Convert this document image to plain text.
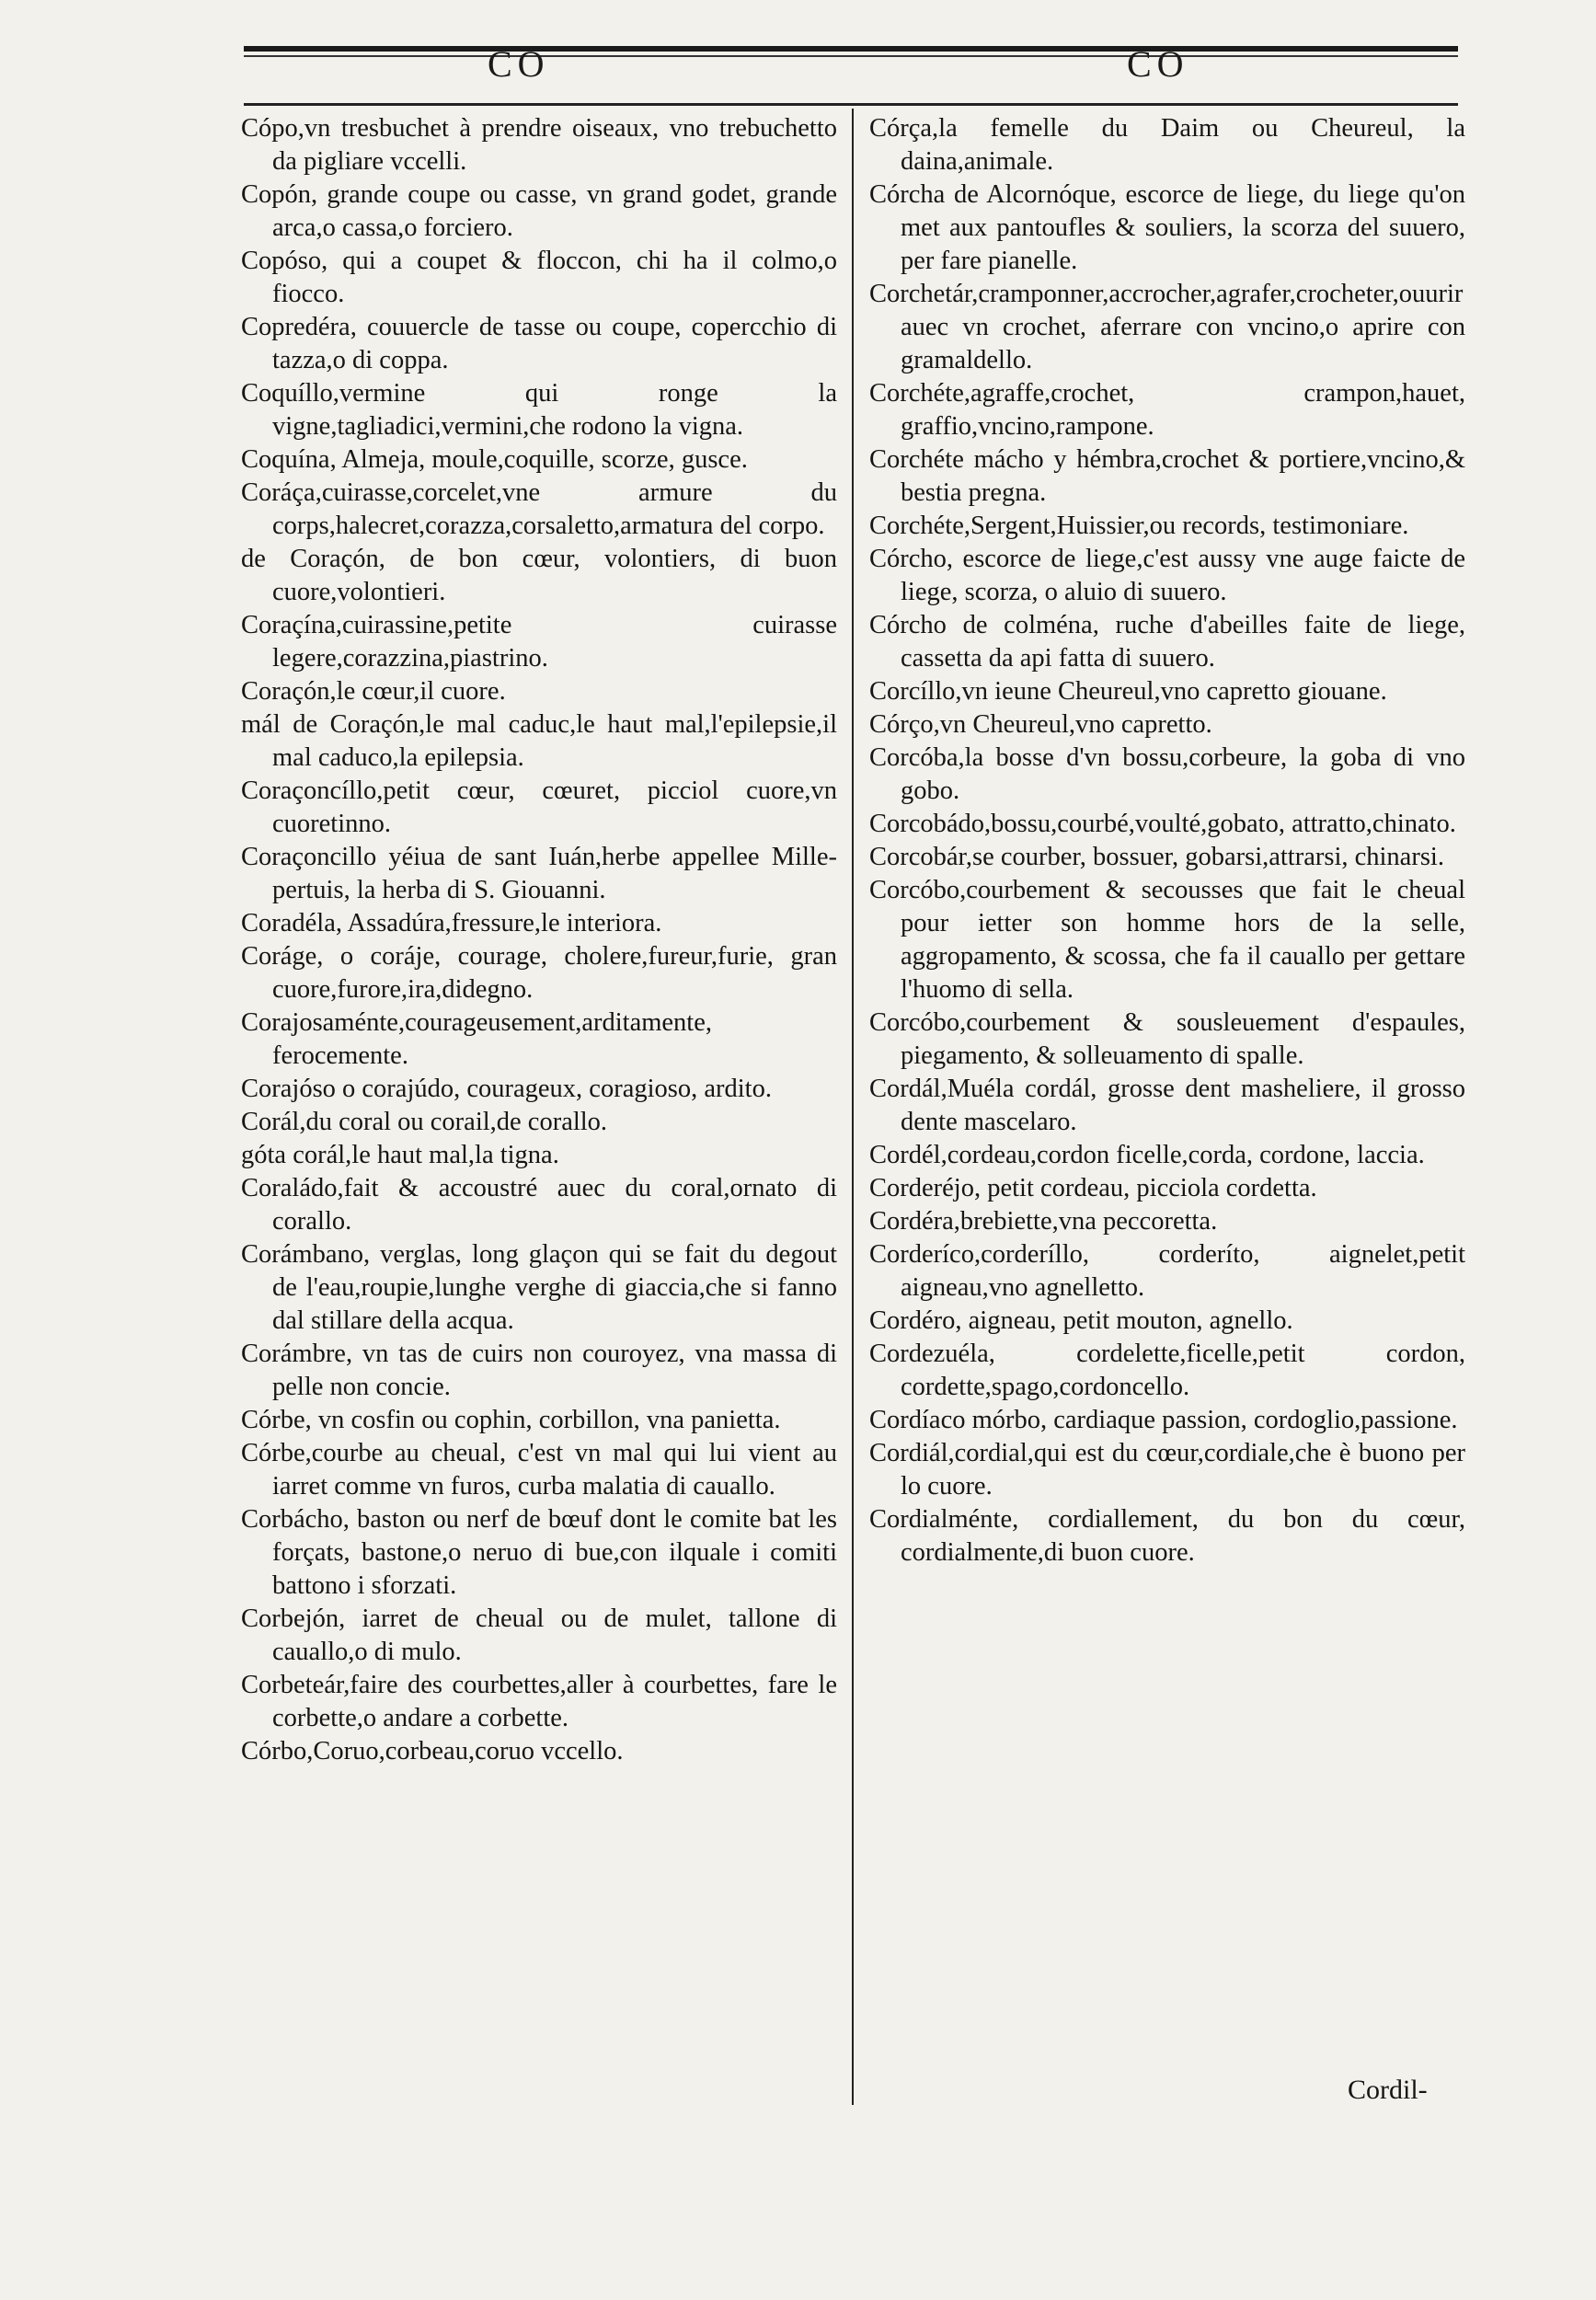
CO	CO

Cópo,vn tresbuchet à prendre oiseaux, vno trebuchetto da pigliare vccelli.

Copón, grande coupe ou casse, vn grand godet, grande arca,o cassa,o forciero.

Copóso, qui a coupet & floccon, chi ha il colmo,o fiocco.

Copredéra, couuercle de tasse ou coupe, copercchio di tazza,o di coppa.

Coquíllo,vermine qui ronge la vigne,tagliadici,vermini,che rodono la vigna.

Coquína, Almeja, moule,coquille, scorze, gusce.

Coráça,cuirasse,corcelet,vne armure du corps,halecret,corazza,corsaletto,armatura del corpo.

de Coraçón, de bon cœur, volontiers, di buon cuore,volontieri.

Coraçína,cuirassine,petite cuirasse legere,corazzina,piastrino.

Coraçón,le cœur,il cuore.

mál de Coraçón,le mal caduc,le haut mal,l'epilepsie,il mal caduco,la epilepsia.

Coraçoncíllo,petit cœur, cœuret, picciol cuore,vn cuoretinno.

Coraçoncillo yéiua de sant Iuán,herbe appellee Mille-pertuis, la herba di S. Giouanni.

Coradéla, Assadúra,fressure,le interiora.

Coráge, o coráje, courage, cholere,fureur,furie, gran cuore,furore,ira,didegno.

Corajosaménte,courageusement,arditamente, ferocemente.

Corajóso o corajúdo, courageux, coragioso, ardito.

Corál,du coral ou corail,de corallo.

góta corál,le haut mal,la tigna.

Coraládo,fait & accoustré auec du coral,ornato di corallo.

Corámbano, verglas, long glaçon qui se fait du degout de l'eau,roupie,lunghe verghe di giaccia,che si fanno dal stillare della acqua.

Corámbre, vn tas de cuirs non couroyez, vna massa di pelle non concie.

Córbe, vn cosfin ou cophin, corbillon, vna panietta.

Córbe,courbe au cheual, c'est vn mal qui lui vient au iarret comme vn furos, curba malatia di cauallo.

Corbácho, baston ou nerf de bœuf dont le comite bat les forçats, bastone,o neruo di bue,con ilquale i comiti battono i sforzati.

Corbejón, iarret de cheual ou de mulet, tallone di cauallo,o di mulo.

Corbeteár,faire des courbettes,aller à courbettes, fare le corbette,o andare a corbette.

Córbo,Coruo,corbeau,coruo vccello.

Córça,la femelle du Daim ou Cheureul, la daina,animale.

Córcha de Alcornóque, escorce de liege, du liege qu'on met aux pantoufles & souliers, la scorza del suuero, per fare pianelle.

Corchetár,cramponner,accrocher,agrafer,crocheter,ouurir auec vn crochet, aferrare con vncino,o aprire con gramaldello.

Corchéte,agraffe,crochet, crampon,hauet, graffio,vncino,rampone.

Corchéte mácho y hémbra,crochet & portiere,vncino,& bestia pregna.

Corchéte,Sergent,Huissier,ou records, testimoniare.

Córcho, escorce de liege,c'est aussy vne auge faicte de liege, scorza, o aluio di suuero.

Córcho de colména, ruche d'abeilles faite de liege, cassetta da api fatta di suuero.

Corcíllo,vn ieune Cheureul,vno capretto giouane.

Córço,vn Cheureul,vno capretto.

Corcóba,la bosse d'vn bossu,corbeure, la goba di vno gobo.

Corcobádo,bossu,courbé,voulté,gobato, attratto,chinato.

Corcobár,se courber, bossuer, gobarsi,attrarsi, chinarsi.

Corcóbo,courbement & secousses que fait le cheual pour ietter son homme hors de la selle, aggropamento, & scossa, che fa il cauallo per gettare l'huomo di sella.

Corcóbo,courbement & sousleuement d'espaules, piegamento, & solleuamento di spalle.

Cordál,Muéla cordál, grosse dent masheliere, il grosso dente mascelaro.

Cordél,cordeau,cordon ficelle,corda, cordone, laccia.

Corderéjo, petit cordeau, picciola cordetta.

Cordéra,brebiette,vna peccoretta.

Corderíco,corderíllo, corderíto, aignelet,petit aigneau,vno agnelletto.

Cordéro, aigneau, petit mouton, agnello.

Cordezuéla, cordelette,ficelle,petit cordon, cordette,spago,cordoncello.

Cordíaco mórbo, cardiaque passion, cordoglio,passione.

Cordiál,cordial,qui est du cœur,cordiale,che è buono per lo cuore.

Cordialménte, cordiallement, du bon du cœur, cordialmente,di buon cuore.

Cordil-
